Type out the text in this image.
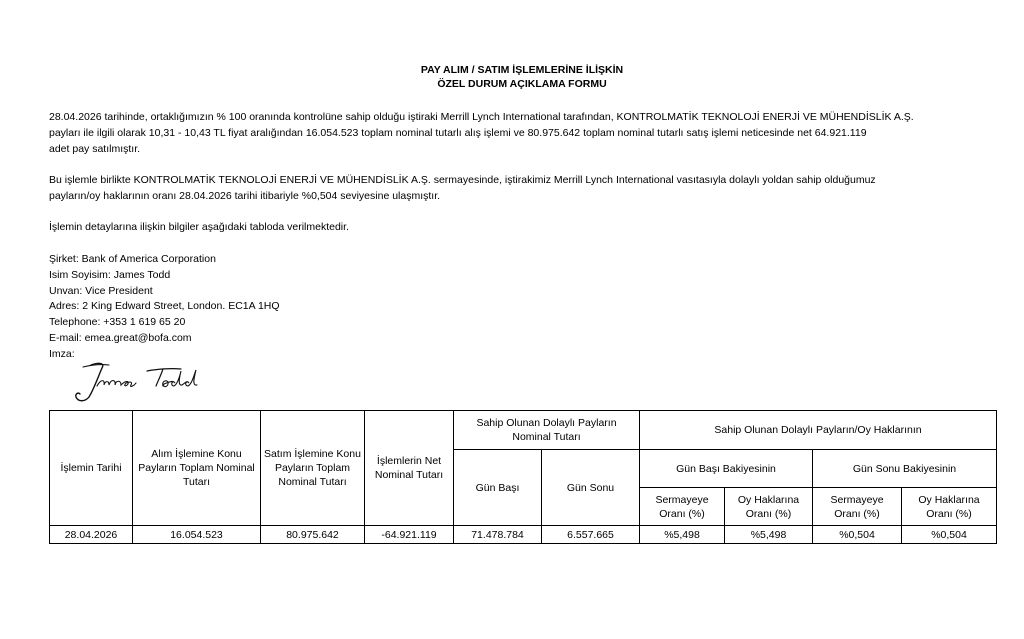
PAY ALIM / SATIM İŞLEMLERİNE İLİŞKİN
ÖZEL DURUM AÇIKLAMA FORMU
28.04.2026 tarihinde, ortaklığımızın % 100 oranında kontrolüne sahip olduğu iştiraki Merrill Lynch International tarafından, KONTROLMATİK TEKNOLOJİ ENERJİ VE MÜHENDİSLİK A.Ş.
payları ile ilgili olarak 10,31 - 10,43 TL fiyat aralığından 16.054.523 toplam nominal tutarlı alış işlemi ve 80.975.642 toplam nominal tutarlı satış işlemi neticesinde net 64.921.119
adet pay satılmıştır.
Bu işlemle birlikte KONTROLMATİK TEKNOLOJİ ENERJİ VE MÜHENDİSLİK A.Ş. sermayesinde, iştirakimiz Merrill Lynch International vasıtasıyla dolaylı yoldan sahip olduğumuz
payların/oy haklarının oranı 28.04.2026 tarihi itibariyle %0,504 seviyesine ulaşmıştır.
İşlemin detaylarına ilişkin bilgiler aşağıdaki tabloda verilmektedir.
Şirket: Bank of America Corporation
Isim Soyisim: James Todd
Unvan: Vice President
Adres: 2 King Edward Street, London. EC1A 1HQ
Telephone: +353 1 619 65 20
E-mail: emea.great@bofa.com
Imza:
İşlemin Tarihi	Alım İşlemine Konu Payların Toplam Nominal Tutarı	Satım İşlemine Konu Payların Toplam Nominal Tutarı	İşlemlerin Net Nominal Tutarı	Sahip Olunan Dolaylı Payların Nominal Tutarı		Sahip Olunan Dolaylı Payların/Oy Haklarının			
				Gün Başı	Gün Sonu	Gün Başı Bakiyesinin		Gün Sonu Bakiyesinin	
						Sermayeye Oranı (%)	Oy Haklarına Oranı (%)	Sermayeye Oranı (%)	Oy Haklarına Oranı (%)
28.04.2026	16.054.523	80.975.642	-64.921.119	71.478.784	6.557.665	%5,498	%5,498	%0,504	%0,504
